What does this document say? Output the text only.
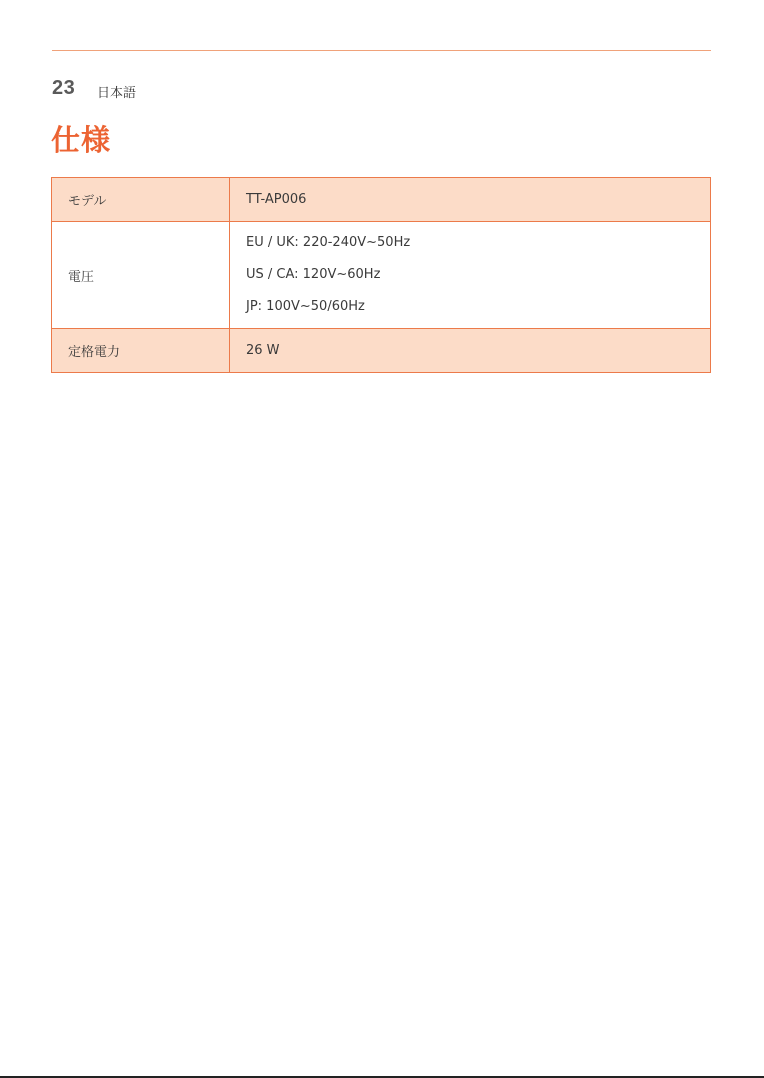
23 日本語
仕様
モデル	TT-AP006
電圧	EU / UK: 220-240V~50Hz
US / CA: 120V~60Hz
JP: 100V~50/60Hz

定格電力	26 W
